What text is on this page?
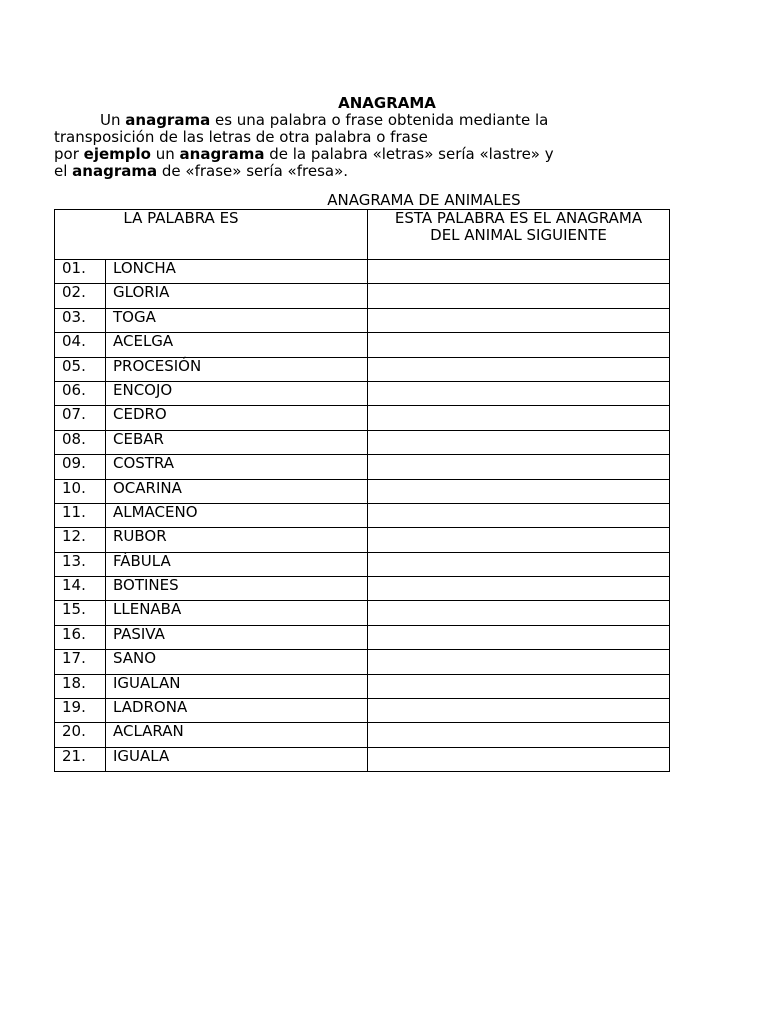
ANAGRAMA
Un anagrama es una palabra o frase obtenida mediante la
transposición de las letras de otra palabra o frase
por ejemplo un anagrama de la palabra «letras» sería «lastre» y
el anagrama de «frase» sería «fresa».
ANAGRAMA DE ANIMALES
LA PALABRA ES		ESTA PALABRA ES EL ANAGRAMA DEL ANIMAL SIGUIENTE
01.	LONCHA	
02.	GLORIA	
03.	TOGA	
04.	ACELGA	
05.	PROCESIÓN	
06.	ENCOJO	
07.	CEDRO	
08.	CEBAR	
09.	COSTRA	
10.	OCARINA	
11.	ALMACENO	
12.	RUBOR	
13.	FÁBULA	
14.	BOTINES	
15.	LLENABA	
16.	PASIVA	
17.	SANO	
18.	IGUALAN	
19.	LADRONA	
20.	ACLARAN	
21.	IGUALA	
